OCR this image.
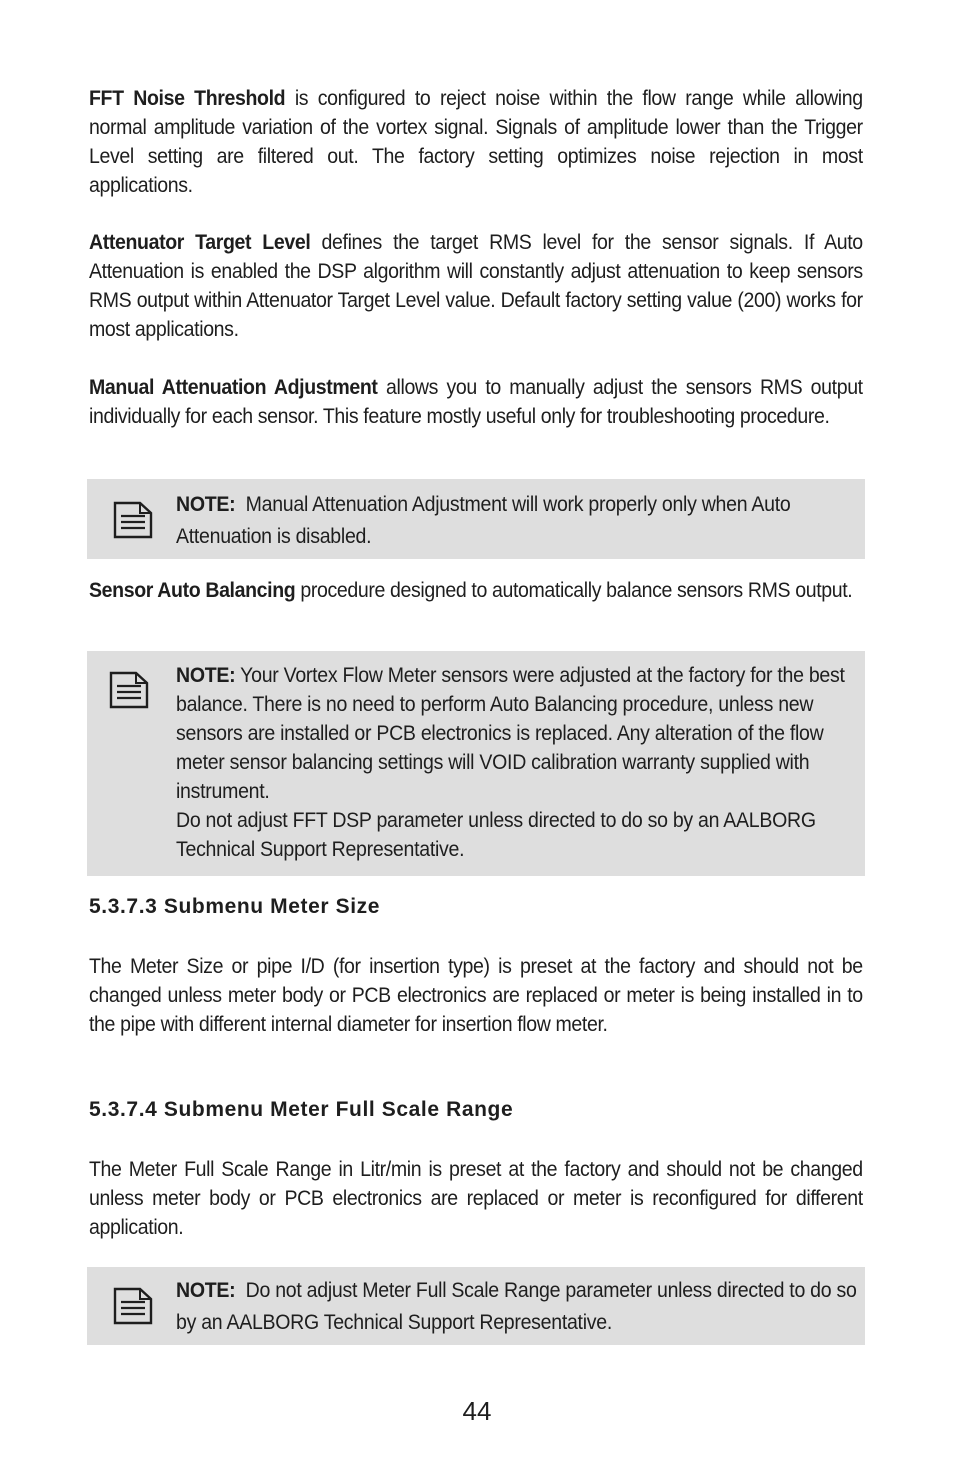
FFT Noise Threshold is configured to reject noise within the flow range while allowing normal amplitude variation of the vortex signal. Signals of amplitude lower than the Trigger Level setting are filtered out. The factory setting optimizes noise rejection in most applications.

Attenuator Target Level defines the target RMS level for the sensor signals. If Auto Attenuation is enabled the DSP algorithm will constantly adjust attenuation to keep sensors RMS output within Attenuator Target Level value. Default factory setting value (200) works for most applications.

Manual Attenuation Adjustment allows you to manually adjust the sensors RMS output individually for each sensor. This feature mostly useful only for troubleshooting procedure.

NOTE:  Manual Attenuation Adjustment will work properly only when Auto Attenuation is disabled.

Sensor Auto Balancing procedure designed to automatically balance sensors RMS output.

NOTE: Your Vortex Flow Meter sensors were adjusted at the factory for the best balance. There is no need to perform Auto Balancing procedure, unless new sensors are installed or PCB electronics is replaced. Any alteration of the flow meter sensor balancing settings will VOID calibration warranty supplied with instrument.
Do not adjust FFT DSP parameter unless directed to do so by an AALBORG Technical Support Representative.
5.3.7.3 Submenu Meter Size

The Meter Size or pipe I/D (for insertion type) is preset at the factory and should not be changed unless meter body or PCB electronics are replaced or meter is being installed in to the pipe with different internal diameter for insertion flow meter.

5.3.7.4 Submenu Meter Full Scale Range

The Meter Full Scale Range in Litr/min is preset at the factory and should not be changed unless meter body or PCB electronics are replaced or meter is reconfigured for different application.

NOTE:  Do not adjust Meter Full Scale Range parameter unless directed to do so by an AALBORG Technical Support Representative.
44
